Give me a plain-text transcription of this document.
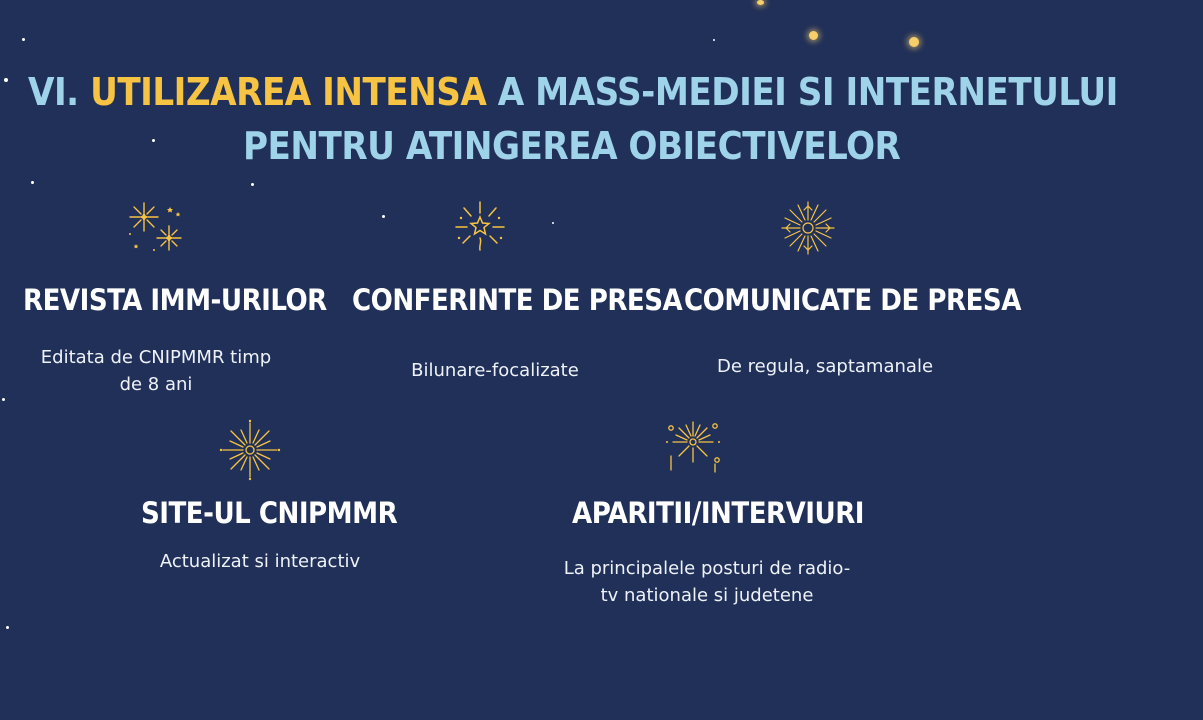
VI. UTILIZAREA INTENSA A MASS-MEDIEI SI INTERNETULUI
PENTRU ATINGEREA OBIECTIVELOR
REVISTA IMM-URILOR
Editata de CNIPMMR timp de 8 ani
CONFERINTE DE PRESA
Bilunare-focalizate
COMUNICATE DE PRESA
De regula, saptamanale
SITE-UL CNIPMMR
Actualizat si interactiv
APARITII/INTERVIURI
La principalele posturi de radio-tv nationale si judetene
